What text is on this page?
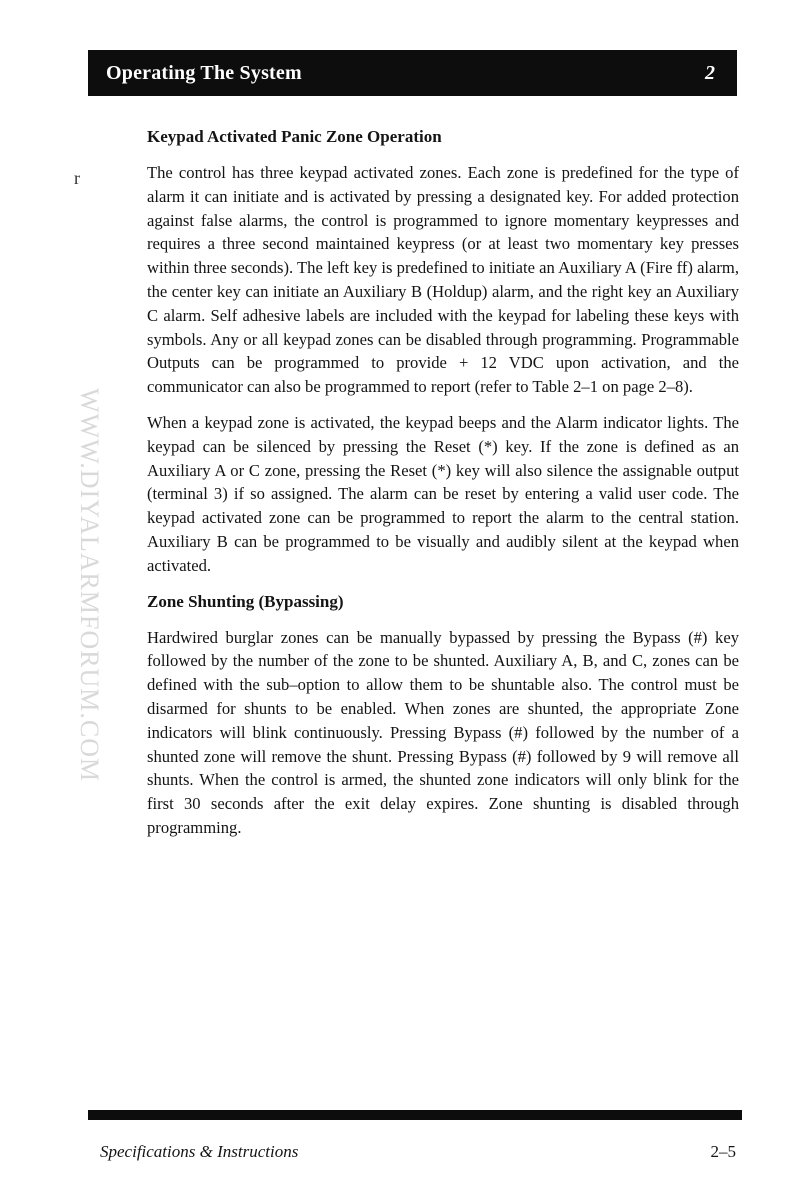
Operating The System	2
r
WWW.DIYALARMFORUM.COM
Keypad Activated Panic Zone Operation

The control has three keypad activated zones. Each zone is predefined for the type of alarm it can initiate and is activated by pressing a designated key. For added protection against false alarms, the control is programmed to ignore momentary keypresses and requires a three second maintained keypress (or at least two momentary key presses within three seconds). The left key is predefined to initiate an Auxiliary A (Fire ff) alarm, the center key can initiate an Auxiliary B (Holdup) alarm, and the right key an Auxiliary C alarm. Self adhesive labels are included with the keypad for labeling these keys with symbols. Any or all keypad zones can be disabled through programming. Programmable Outputs can be programmed to provide + 12 VDC upon activation, and the communicator can also be programmed to report (refer to Table 2–1 on page 2–8).

When a keypad zone is activated, the keypad beeps and the Alarm indicator lights. The keypad can be silenced by pressing the Reset (*) key. If the zone is defined as an Auxiliary A or C zone, pressing the Reset (*) key will also silence the assignable output (terminal 3) if so assigned. The alarm can be reset by entering a valid user code. The keypad activated zone can be programmed to report the alarm to the central station. Auxiliary B can be programmed to be visually and audibly silent at the keypad when activated.

Zone Shunting (Bypassing)

Hardwired burglar zones can be manually bypassed by pressing the Bypass (#) key followed by the number of the zone to be shunted. Auxiliary A, B, and C, zones can be defined with the sub–option to allow them to be shuntable also. The control must be disarmed for shunts to be enabled. When zones are shunted, the appropriate Zone indicators will blink continuously. Pressing Bypass (#) followed by the number of a shunted zone will remove the shunt. Pressing Bypass (#) followed by 9 will remove all shunts. When the control is armed, the shunted zone indicators will only blink for the first 30 seconds after the exit delay expires. Zone shunting is disabled through programming.

Specifications & Instructions	2–5
